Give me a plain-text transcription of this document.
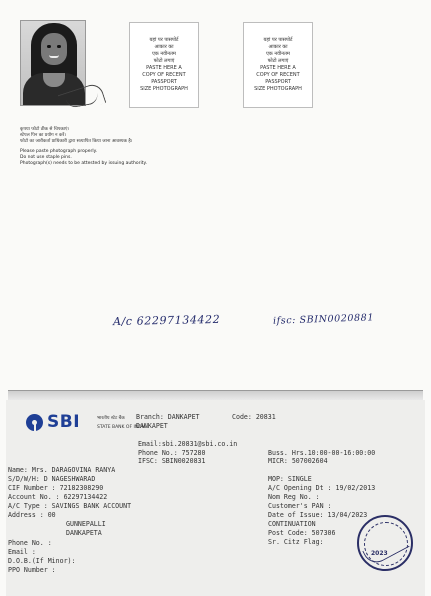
यहां पर पासपोर्ट
आकार का
एक नवीनतम
फोटो लगाएं
PASTE HERE A
COPY OF RECENT
PASSPORT
SIZE PHOTOGRAPH
यहां पर पासपोर्ट
आकार का
एक नवीनतम
फोटो लगाएं
PASTE HERE A
COPY OF RECENT
PASSPORT
SIZE PHOTOGRAPH
कृपया फोटो ठीक से चिपकाएं।
स्टेपल पिन का प्रयोग न करें।
फोटो का जारीकर्ता प्राधिकारी द्वारा सत्यापित किया जाना आवश्यक है।
Please paste photograph properly.
Do not use staple pins.
Photograph(s) needs to be attested by issuing authority.
A/c 62297134422	ifsc: SBIN0020881
SBI	भारतीय स्टेट बैंक
STATE BANK OF INDIA
Branch: DANKAPET	Code: 20831
DANKAPET
Email:sbi.20831@sbi.co.in
Phone No.: 757280
IFSC: SBIN0020831
Buss. Hrs.10:00-00-16:00:00
MICR: 507002604
Name: Mrs. DARAGOVINA RANYA
S/D/W/H: D NAGESHWARAD
CIF Number : 72182308290
Account No. : 62297134422
A/C Type : SAVINGS BANK ACCOUNT
Address : 00
GUNNEPALLI
DANKAPETA
Phone No. :
Email :
D.O.B.(If Minor):
PPO Number :
MOP: SINGLE
A/C Opening Dt : 19/02/2013
Nom Reg No. :
Customer's PAN :
Date of Issue: 13/04/2023
CONTINUATION
Post Code: 507306
Sr. Citz Flag:
2023
